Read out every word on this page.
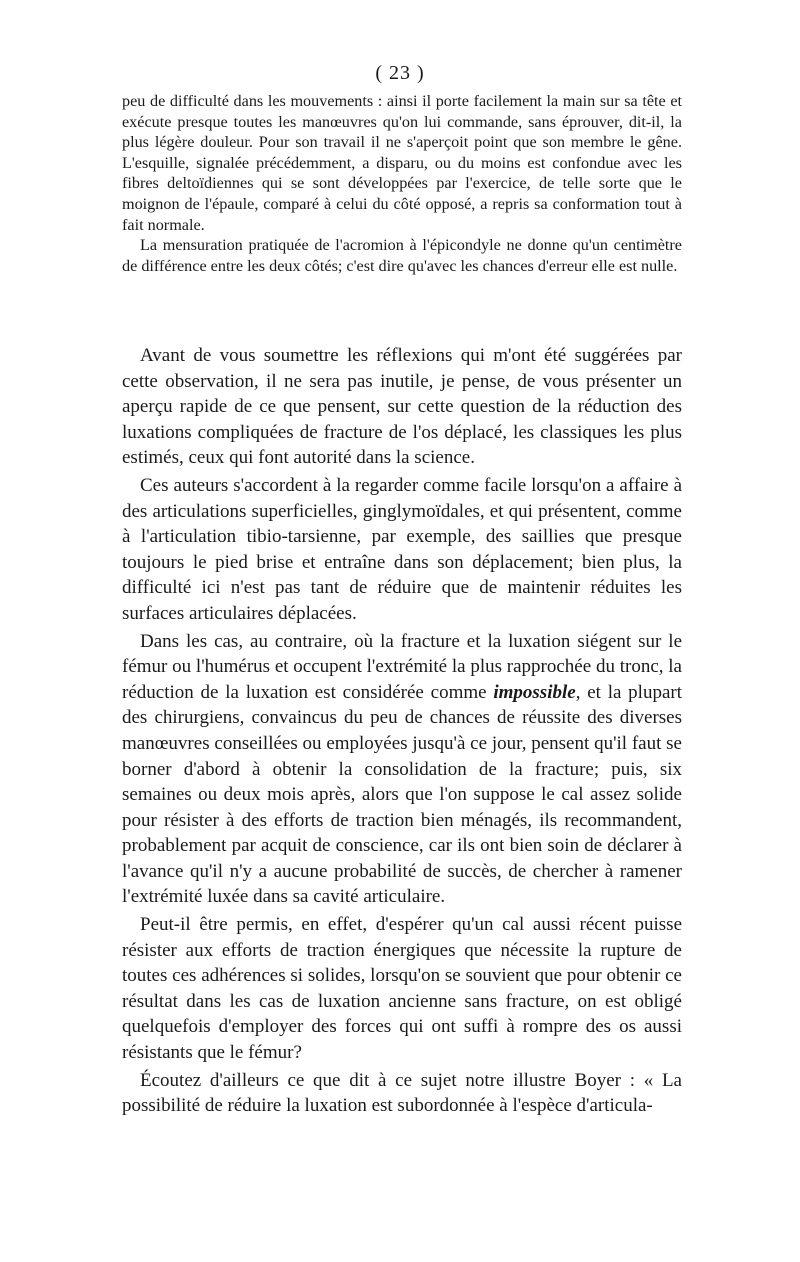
( 23 )

peu de difficulté dans les mouvements : ainsi il porte facilement la main sur sa tête et exécute presque toutes les manœuvres qu'on lui commande, sans éprouver, dit-il, la plus légère douleur. Pour son travail il ne s'aperçoit point que son membre le gêne. L'esquille, signalée précédemment, a disparu, ou du moins est confondue avec les fibres deltoïdiennes qui se sont développées par l'exercice, de telle sorte que le moignon de l'épaule, comparé à celui du côté opposé, a repris sa conformation tout à fait normale.

La mensuration pratiquée de l'acromion à l'épicondyle ne donne qu'un centimètre de différence entre les deux côtés; c'est dire qu'avec les chances d'erreur elle est nulle.

Avant de vous soumettre les réflexions qui m'ont été suggérées par cette observation, il ne sera pas inutile, je pense, de vous présenter un aperçu rapide de ce que pensent, sur cette question de la réduction des luxations compliquées de fracture de l'os déplacé, les classiques les plus estimés, ceux qui font autorité dans la science.

Ces auteurs s'accordent à la regarder comme facile lorsqu'on a affaire à des articulations superficielles, ginglymoïdales, et qui présentent, comme à l'articulation tibio-tarsienne, par exemple, des saillies que presque toujours le pied brise et entraîne dans son déplacement; bien plus, la difficulté ici n'est pas tant de réduire que de maintenir réduites les surfaces articulaires déplacées.

Dans les cas, au contraire, où la fracture et la luxation siégent sur le fémur ou l'humérus et occupent l'extrémité la plus rapprochée du tronc, la réduction de la luxation est considérée comme impossible, et la plupart des chirurgiens, convaincus du peu de chances de réussite des diverses manœuvres conseillées ou employées jusqu'à ce jour, pensent qu'il faut se borner d'abord à obtenir la consolidation de la fracture; puis, six semaines ou deux mois après, alors que l'on suppose le cal assez solide pour résister à des efforts de traction bien ménagés, ils recommandent, probablement par acquit de conscience, car ils ont bien soin de déclarer à l'avance qu'il n'y a aucune probabilité de succès, de chercher à ramener l'extrémité luxée dans sa cavité articulaire.

Peut-il être permis, en effet, d'espérer qu'un cal aussi récent puisse résister aux efforts de traction énergiques que nécessite la rupture de toutes ces adhérences si solides, lorsqu'on se souvient que pour obtenir ce résultat dans les cas de luxation ancienne sans fracture, on est obligé quelquefois d'employer des forces qui ont suffi à rompre des os aussi résistants que le fémur?

Écoutez d'ailleurs ce que dit à ce sujet notre illustre Boyer : « La possibilité de réduire la luxation est subordonnée à l'espèce d'articula-
